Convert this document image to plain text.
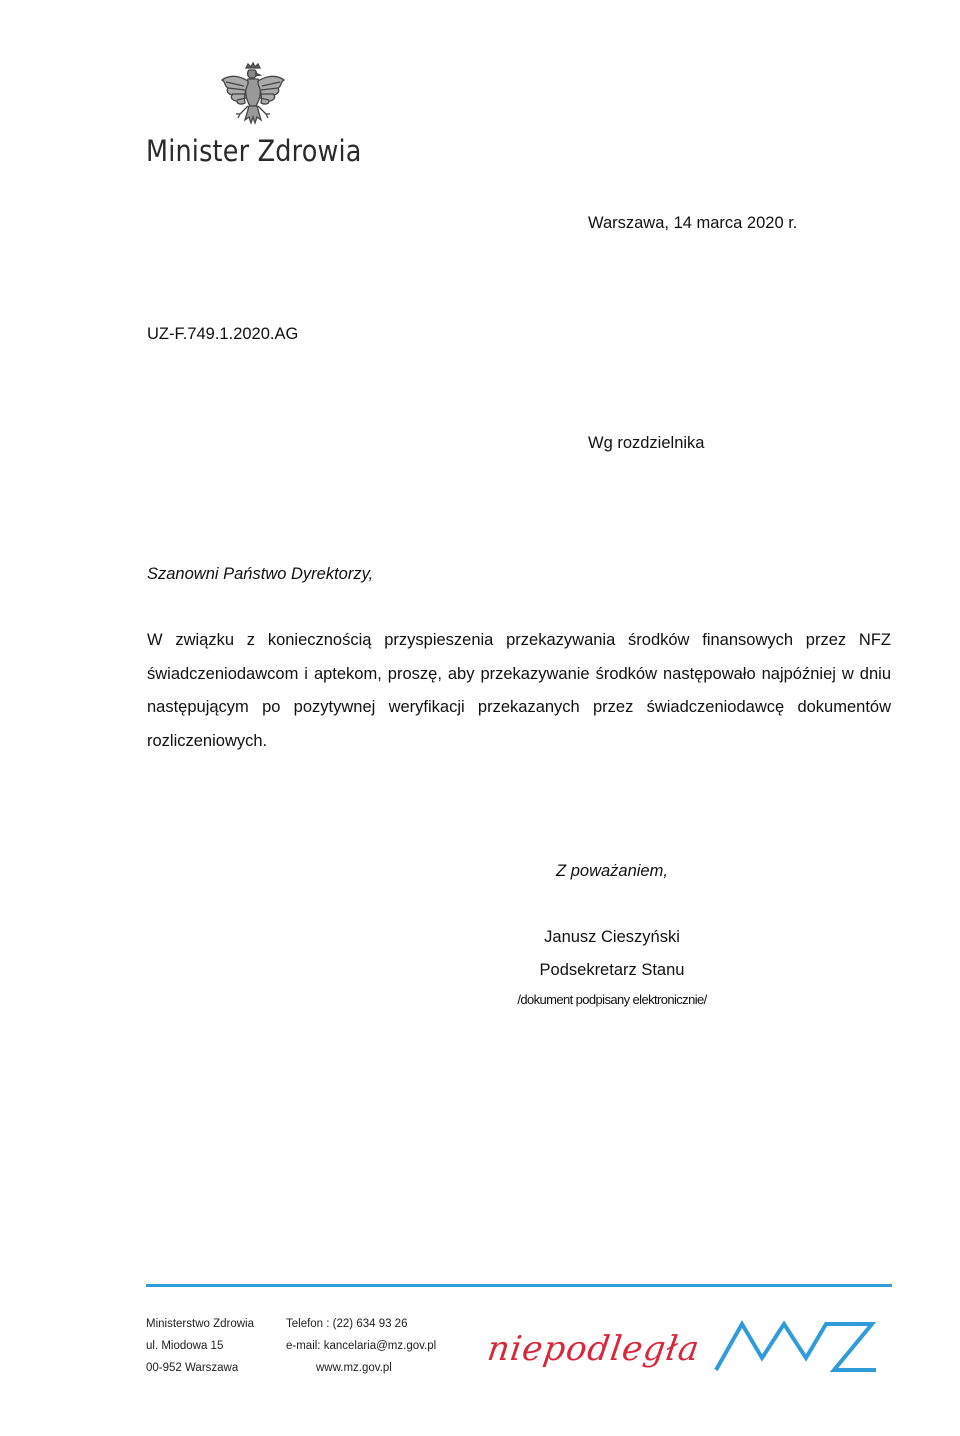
Minister Zdrowia
Warszawa, 14 marca 2020 r.
UZ-F.749.1.2020.AG
Wg rozdzielnika
Szanowni Państwo Dyrektorzy,
W związku z koniecznością przyspieszenia przekazywania środków finansowych przez NFZ świadczeniodawcom i aptekom, proszę, aby przekazywanie środków następowało najpóźniej w dniu następującym po pozytywnej weryfikacji przekazanych przez świadczeniodawcę dokumentów rozliczeniowych.
Z poważaniem,
Janusz Cieszyński
Podsekretarz Stanu
/dokument podpisany elektronicznie/
Ministerstwo Zdrowia
ul. Miodowa 15
00-952 Warszawa
Telefon : (22) 634 93 26
e-mail: kancelaria@mz.gov.pl
www.mz.gov.pl	niepodległa
MZ
